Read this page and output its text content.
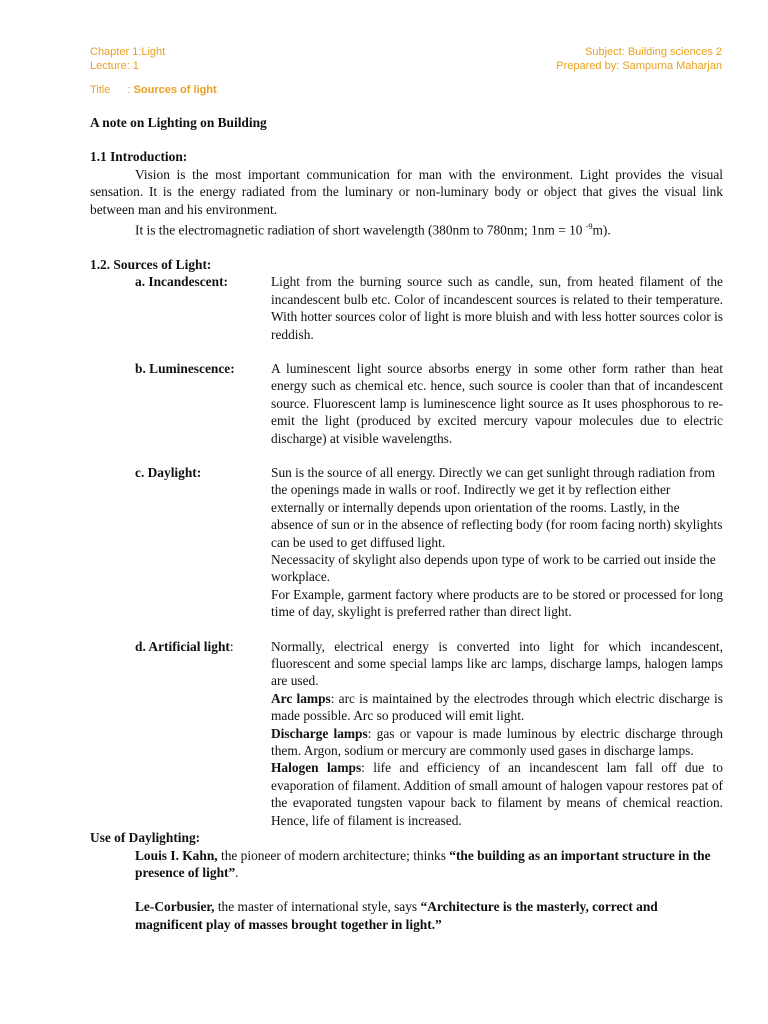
Chapter 1:Light
Lecture: 1
Subject: Building sciences 2
Prepared by: Sampurna Maharjan
Title : Sources of light
A note on Lighting on Building
1.1 Introduction:

Vision is the most important communication for man with the environment. Light provides the visual sensation. It is the energy radiated from the luminary or non-luminary body or object that gives the visual link between man and his environment.

It is the electromagnetic radiation of short wavelength (380nm to 780nm; 1nm = 10 $^{-9}$m).

1.2. Sources of Light:
a. Incandescent:	Light from the burning source such as candle, sun, from heated filament of the incandescent bulb etc. Color of incandescent sources is related to their temperature. With hotter sources color of light is more bluish and with less hotter sources color is reddish.
b. Luminescence:	A luminescent light source absorbs energy in some other form rather than heat energy such as chemical etc. hence, such source is cooler than that of incandescent source. Fluorescent lamp is luminescence light source as It uses phosphorous to re-emit the light (produced by excited mercury vapour molecules due to electric discharge) at visible wavelengths.
c. Daylight:	Sun is the source of all energy. Directly we can get sunlight through radiation from the openings made in walls or roof. Indirectly we get it by reflection either externally or internally depends upon orientation of the rooms. Lastly, in the absence of sun or in the absence of reflecting body (for room facing north) skylights can be used to get diffused light.
Necessacity of skylight also depends upon type of work to be carried out inside the workplace.
For Example, garment factory where products are to be stored or processed for long time of day, skylight is preferred rather than direct light.
d. Artificial light:	Normally, electrical energy is converted into light for which incandescent, fluorescent and some special lamps like arc lamps, discharge lamps, halogen lamps are used.
Arc lamps: arc is maintained by the electrodes through which electric discharge is made possible. Arc so produced will emit light.
Discharge lamps: gas or vapour is made luminous by electric discharge through them. Argon, sodium or mercury are commonly used gases in discharge lamps.
Halogen lamps: life and efficiency of an incandescent lam fall off due to evaporation of filament. Addition of small amount of halogen vapour restores pat of the evaporated tungsten vapour back to filament by means of chemical reaction. Hence, life of filament is increased.
Use of Daylighting:

Louis I. Kahn, the pioneer of modern architecture; thinks “the building as an important structure in the presence of light”.

Le-Corbusier, the master of international style, says “Architecture is the masterly, correct and magnificent play of masses brought together in light.”
